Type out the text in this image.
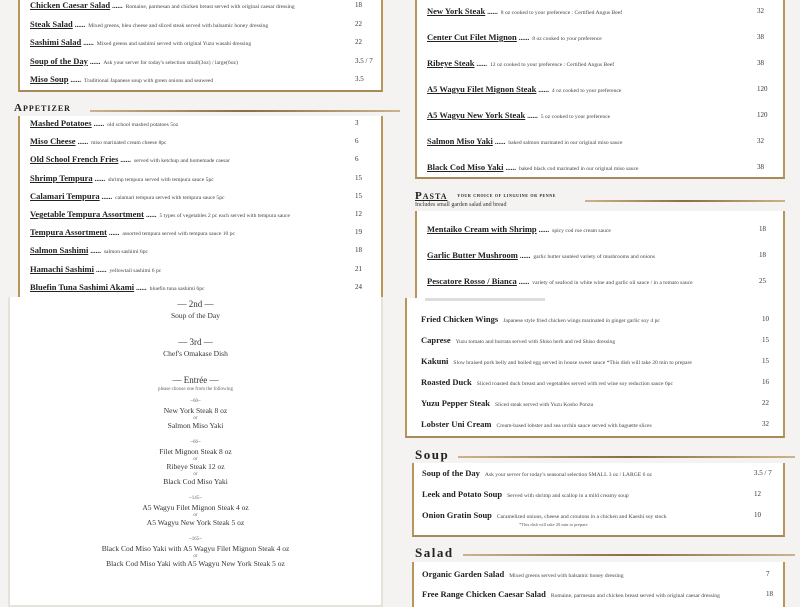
Chicken Caesar Salad ...... Romaine, parmesan and chicken breast served with original caesar dressing	18
Steak Salad ...... Mixed greens, bleu cheese and sliced steak served with balsamic honey dressing	22
Sashimi Salad ...... Mixed greens and sashimi served with original Yuzu wasabi dressing	22
Soup of the Day ...... Ask your server for today's selection small(3oz) / large(6oz)	3.5 / 7
Miso Soup ...... Traditional Japanese soup with green onions and seaweed	3.5
Appetizer
Mashed Potatoes ...... old school mashed potatoes 5oz	3
Miso Cheese ...... miso marinated cream cheese 8pc	6
Old School French Fries ...... served with ketchup and homemade caesar	6
Shrimp Tempura ...... shrimp tempura served with tempura sauce 5pc	15
Calamari Tempura ...... calamari tempura served with tempura sauce 5pc	15
Vegetable Tempura Assortment ...... 5 types of vegetables 2 pc each served with tempura sauce	12
Tempura Assortment ...... assorted tempura served with tempura sauce 10 pc	19
Salmon Sashimi ...... salmon sashimi 6pc	18
Hamachi Sashimi ...... yellowtail sashimi 6 pc	21
Bluefin Tuna Sashimi Akami ...... bluefin tuna sashimi 6pc	24
— 2nd —
Soup of the Day
— 3rd —
Chef's Omakase Dish
— Entrée —
please choose one from the following
~60~
New York Steak 8 oz
or
Salmon Miso Yaki
~66~
Filet Mignon Steak 8 oz
or
Ribeye Steak 12 oz
or
Black Cod Miso Yaki
~145~
A5 Wagyu Filet Mignon Steak 4 oz
or
A5 Wagyu New York Steak 5 oz
~165~
Black Cod Miso Yaki with A5 Wagyu Filet Mignon Steak 4 oz
or
Black Cod Miso Yaki with A5 Wagyu New York Steak 5 oz
New York Steak ...... 8 oz cooked to your preference : Certified Angus Beef	32
Center Cut Filet Mignon ...... 8 oz cooked to your preference	38
Ribeye Steak ...... 12 oz cooked to your preference : Certified Angus Beef	38
A5 Wagyu Filet Mignon Steak ...... 4 oz cooked to your preference	120
A5 Wagyu New York Steak ...... 5 oz cooked to your preference	120
Salmon Miso Yaki ...... baked salmon marinated in our original miso sauce	32
Black Cod Miso Yaki ...... baked black cod marinated in our original miso sauce	38
Pasta your choice of linguine or penne
Includes small garden salad and bread
Mentaiko Cream with Shrimp ...... spicy cod roe cream sauce	18
Garlic Butter Mushroom ...... garlic butter sautéed variety of mushrooms and onions	18
Pescatore Rosso / Bianca ...... variety of seafood in white wine and garlic oil sauce / in a tomato sauce	25
Fried Chicken Wings Japanese style fried chicken wings marinated in ginger garlic soy 4 pc	10
Caprese Yuzu tomato and burrata served with Shiso herb and red Shiso dressing	15
Kakuni Slow braised pork belly and boiled egg served in house sweet sauce *This dish will take 20 min to prepare	15
Roasted Duck Sliced roasted duck breast and vegetables served with red wine soy reduction sauce 6pc	16
Yuzu Pepper Steak Sliced steak served with Yuzu Kosho Ponzu	22
Lobster Uni Cream Cream-based lobster and sea urchin sauce served with baguette slices	32
Soup
Soup of the Day Ask your server for today's seasonal selection SMALL 3 oz / LARGE 6 oz	3.5 / 7
Leek and Potato Soup Served with shrimp and scallop in a mild creamy soup	12
Onion Gratin Soup Caramelized onions, cheese and croutons in a chicken and Kaeshi soy stock	10
*This dish will take 20 min to prepare
Salad
Organic Garden Salad Mixed greens served with balsamic honey dressing	7
Free Range Chicken Caesar Salad Romaine, parmesan and chicken breast served with original caesar dressing	18
